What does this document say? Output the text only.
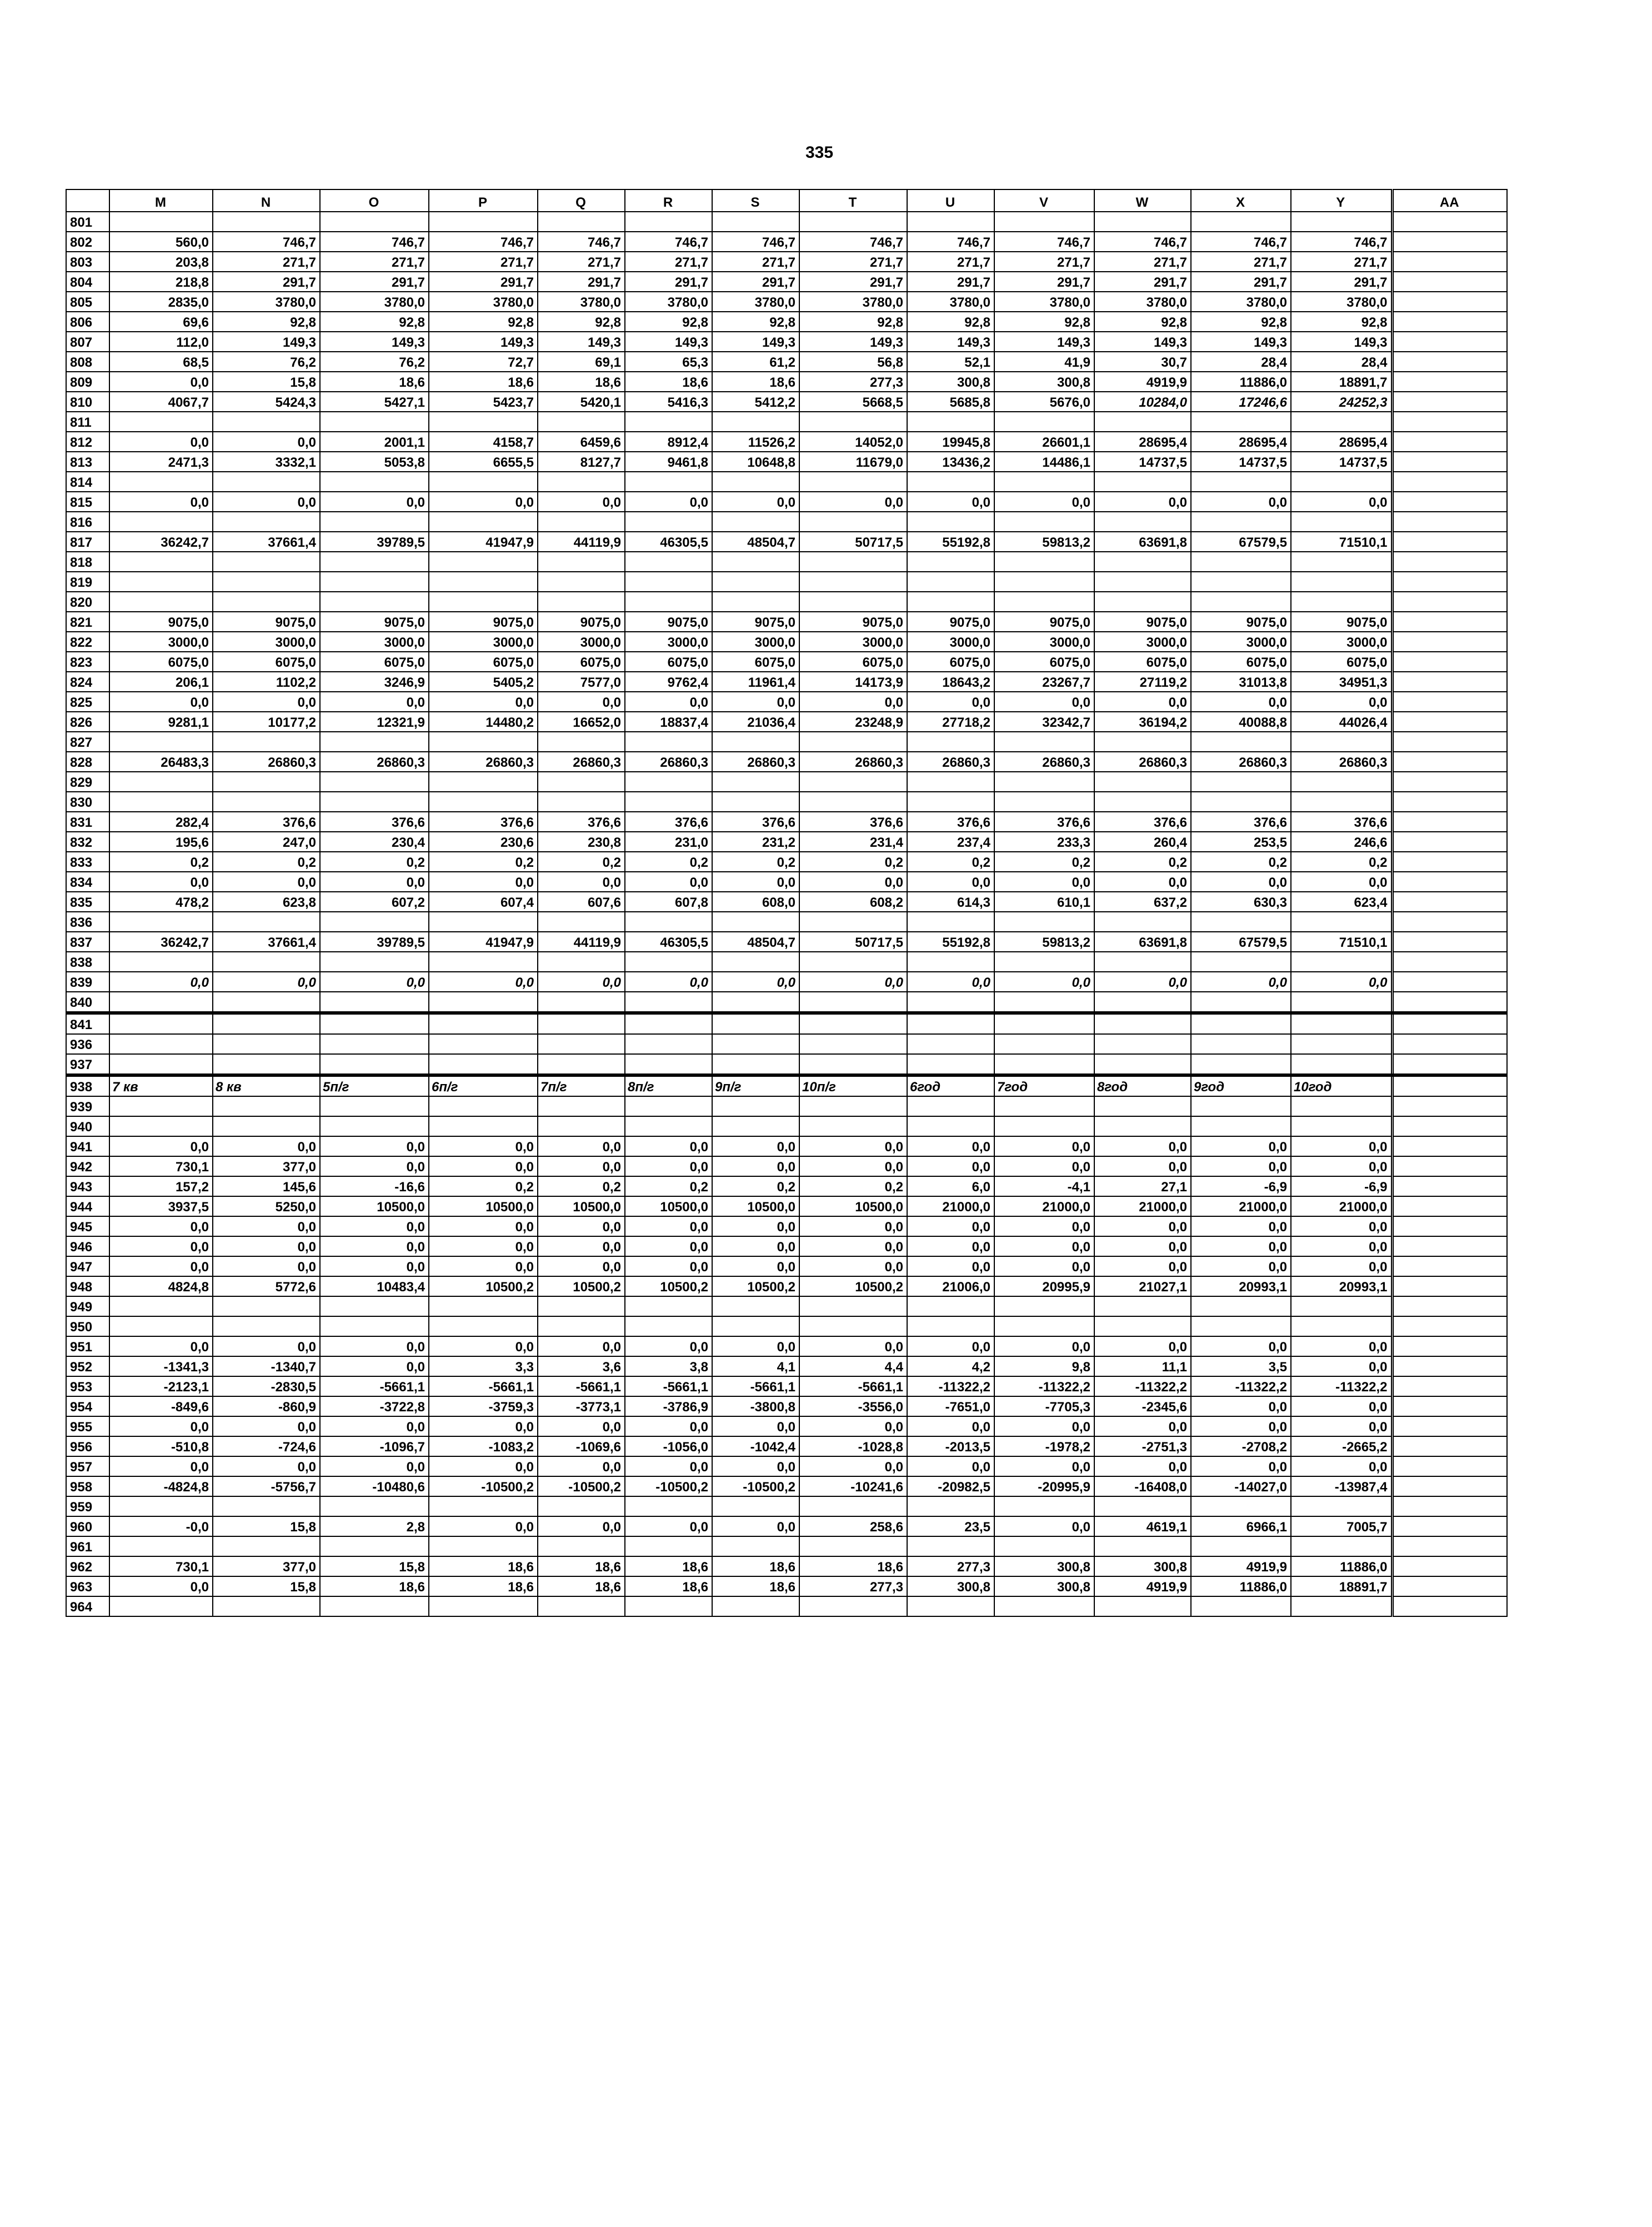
335
	M	N	O	P	Q	R	S	T	U	V	W	X	Y	AA
801														
802	560,0	746,7	746,7	746,7	746,7	746,7	746,7	746,7	746,7	746,7	746,7	746,7	746,7	
803	203,8	271,7	271,7	271,7	271,7	271,7	271,7	271,7	271,7	271,7	271,7	271,7	271,7	
804	218,8	291,7	291,7	291,7	291,7	291,7	291,7	291,7	291,7	291,7	291,7	291,7	291,7	
805	2835,0	3780,0	3780,0	3780,0	3780,0	3780,0	3780,0	3780,0	3780,0	3780,0	3780,0	3780,0	3780,0	
806	69,6	92,8	92,8	92,8	92,8	92,8	92,8	92,8	92,8	92,8	92,8	92,8	92,8	
807	112,0	149,3	149,3	149,3	149,3	149,3	149,3	149,3	149,3	149,3	149,3	149,3	149,3	
808	68,5	76,2	76,2	72,7	69,1	65,3	61,2	56,8	52,1	41,9	30,7	28,4	28,4	
809	0,0	15,8	18,6	18,6	18,6	18,6	18,6	277,3	300,8	300,8	4919,9	11886,0	18891,7	
810	4067,7	5424,3	5427,1	5423,7	5420,1	5416,3	5412,2	5668,5	5685,8	5676,0	10284,0	17246,6	24252,3	
811														
812	0,0	0,0	2001,1	4158,7	6459,6	8912,4	11526,2	14052,0	19945,8	26601,1	28695,4	28695,4	28695,4	
813	2471,3	3332,1	5053,8	6655,5	8127,7	9461,8	10648,8	11679,0	13436,2	14486,1	14737,5	14737,5	14737,5	
814														
815	0,0	0,0	0,0	0,0	0,0	0,0	0,0	0,0	0,0	0,0	0,0	0,0	0,0	
816														
817	36242,7	37661,4	39789,5	41947,9	44119,9	46305,5	48504,7	50717,5	55192,8	59813,2	63691,8	67579,5	71510,1	
818														
819														
820														
821	9075,0	9075,0	9075,0	9075,0	9075,0	9075,0	9075,0	9075,0	9075,0	9075,0	9075,0	9075,0	9075,0	
822	3000,0	3000,0	3000,0	3000,0	3000,0	3000,0	3000,0	3000,0	3000,0	3000,0	3000,0	3000,0	3000,0	
823	6075,0	6075,0	6075,0	6075,0	6075,0	6075,0	6075,0	6075,0	6075,0	6075,0	6075,0	6075,0	6075,0	
824	206,1	1102,2	3246,9	5405,2	7577,0	9762,4	11961,4	14173,9	18643,2	23267,7	27119,2	31013,8	34951,3	
825	0,0	0,0	0,0	0,0	0,0	0,0	0,0	0,0	0,0	0,0	0,0	0,0	0,0	
826	9281,1	10177,2	12321,9	14480,2	16652,0	18837,4	21036,4	23248,9	27718,2	32342,7	36194,2	40088,8	44026,4	
827														
828	26483,3	26860,3	26860,3	26860,3	26860,3	26860,3	26860,3	26860,3	26860,3	26860,3	26860,3	26860,3	26860,3	
829														
830														
831	282,4	376,6	376,6	376,6	376,6	376,6	376,6	376,6	376,6	376,6	376,6	376,6	376,6	
832	195,6	247,0	230,4	230,6	230,8	231,0	231,2	231,4	237,4	233,3	260,4	253,5	246,6	
833	0,2	0,2	0,2	0,2	0,2	0,2	0,2	0,2	0,2	0,2	0,2	0,2	0,2	
834	0,0	0,0	0,0	0,0	0,0	0,0	0,0	0,0	0,0	0,0	0,0	0,0	0,0	
835	478,2	623,8	607,2	607,4	607,6	607,8	608,0	608,2	614,3	610,1	637,2	630,3	623,4	
836														
837	36242,7	37661,4	39789,5	41947,9	44119,9	46305,5	48504,7	50717,5	55192,8	59813,2	63691,8	67579,5	71510,1	
838														
839	0,0	0,0	0,0	0,0	0,0	0,0	0,0	0,0	0,0	0,0	0,0	0,0	0,0	
840														
841														
936														
937														
938	7 кв	8 кв	5п/г	6п/г	7п/г	8п/г	9п/г	10п/г	6год	7год	8год	9год	10год	
939														
940														
941	0,0	0,0	0,0	0,0	0,0	0,0	0,0	0,0	0,0	0,0	0,0	0,0	0,0	
942	730,1	377,0	0,0	0,0	0,0	0,0	0,0	0,0	0,0	0,0	0,0	0,0	0,0	
943	157,2	145,6	-16,6	0,2	0,2	0,2	0,2	0,2	6,0	-4,1	27,1	-6,9	-6,9	
944	3937,5	5250,0	10500,0	10500,0	10500,0	10500,0	10500,0	10500,0	21000,0	21000,0	21000,0	21000,0	21000,0	
945	0,0	0,0	0,0	0,0	0,0	0,0	0,0	0,0	0,0	0,0	0,0	0,0	0,0	
946	0,0	0,0	0,0	0,0	0,0	0,0	0,0	0,0	0,0	0,0	0,0	0,0	0,0	
947	0,0	0,0	0,0	0,0	0,0	0,0	0,0	0,0	0,0	0,0	0,0	0,0	0,0	
948	4824,8	5772,6	10483,4	10500,2	10500,2	10500,2	10500,2	10500,2	21006,0	20995,9	21027,1	20993,1	20993,1	
949														
950														
951	0,0	0,0	0,0	0,0	0,0	0,0	0,0	0,0	0,0	0,0	0,0	0,0	0,0	
952	-1341,3	-1340,7	0,0	3,3	3,6	3,8	4,1	4,4	4,2	9,8	11,1	3,5	0,0	
953	-2123,1	-2830,5	-5661,1	-5661,1	-5661,1	-5661,1	-5661,1	-5661,1	-11322,2	-11322,2	-11322,2	-11322,2	-11322,2	
954	-849,6	-860,9	-3722,8	-3759,3	-3773,1	-3786,9	-3800,8	-3556,0	-7651,0	-7705,3	-2345,6	0,0	0,0	
955	0,0	0,0	0,0	0,0	0,0	0,0	0,0	0,0	0,0	0,0	0,0	0,0	0,0	
956	-510,8	-724,6	-1096,7	-1083,2	-1069,6	-1056,0	-1042,4	-1028,8	-2013,5	-1978,2	-2751,3	-2708,2	-2665,2	
957	0,0	0,0	0,0	0,0	0,0	0,0	0,0	0,0	0,0	0,0	0,0	0,0	0,0	
958	-4824,8	-5756,7	-10480,6	-10500,2	-10500,2	-10500,2	-10500,2	-10241,6	-20982,5	-20995,9	-16408,0	-14027,0	-13987,4	
959														
960	-0,0	15,8	2,8	0,0	0,0	0,0	0,0	258,6	23,5	0,0	4619,1	6966,1	7005,7	
961														
962	730,1	377,0	15,8	18,6	18,6	18,6	18,6	18,6	277,3	300,8	300,8	4919,9	11886,0	
963	0,0	15,8	18,6	18,6	18,6	18,6	18,6	277,3	300,8	300,8	4919,9	11886,0	18891,7	
964														
